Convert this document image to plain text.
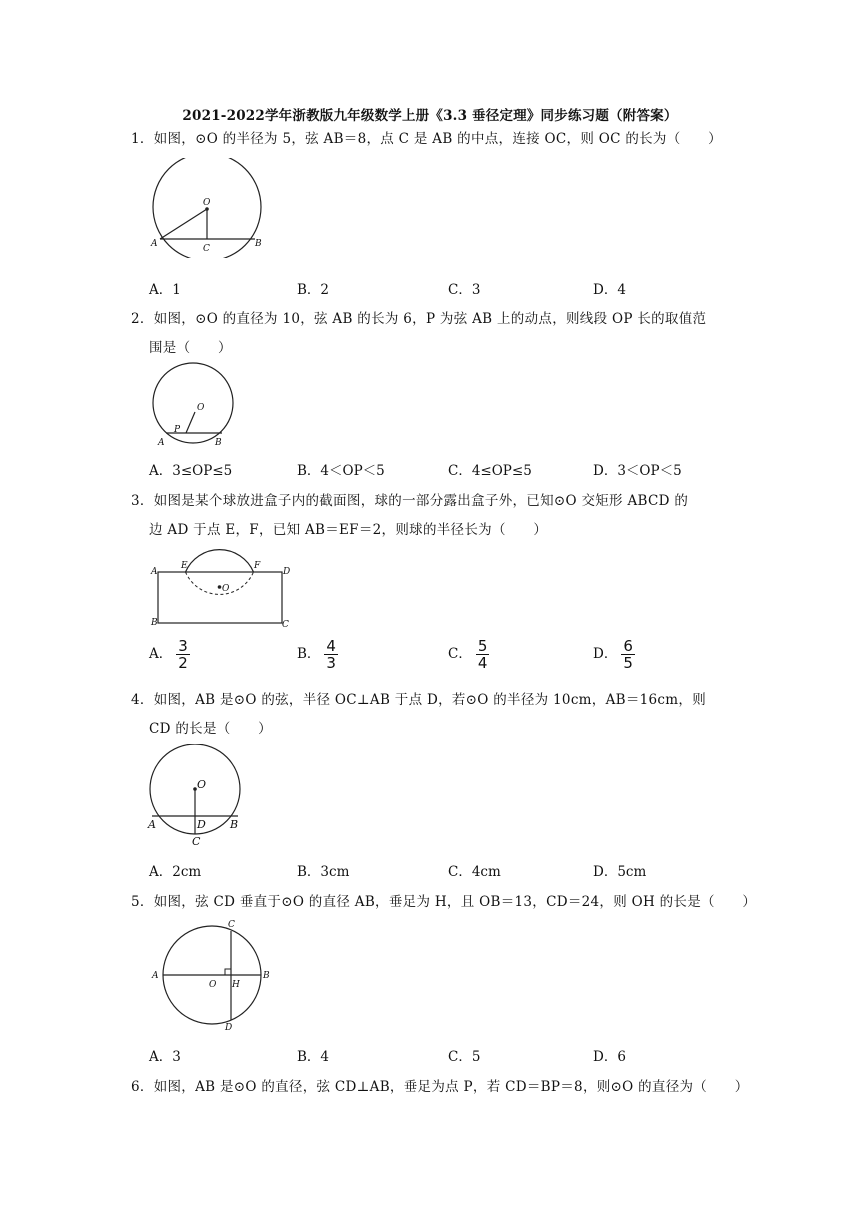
2021-2022学年浙教版九年级数学上册《3.3 垂径定理》同步练习题（附答案）
1．如图，⊙O 的半径为 5，弦 AB＝8，点 C 是 AB 的中点，连接 OC，则 OC 的长为（　　）
O
A	C	B
A．1	B．2	C．3	D．4
2．如图，⊙O 的直径为 10，弦 AB 的长为 6，P 为弦 AB 上的动点，则线段 OP 长的取值范
围是（　　）
O
P
A	B
A．3≤OP≤5	B．4＜OP＜5	C．4≤OP≤5	D．3＜OP＜5
3．如图是某个球放进盒子内的截面图，球的一部分露出盒子外，已知⊙O 交矩形 ABCD 的
边 AD 于点 E，F，已知 AB＝EF＝2，则球的半径长为（　　）
A
E	F
D
O
B	C
A． $\frac{3}{2}$	B． $\frac{4}{3}$	C． $\frac{5}{4}$	D． $\frac{6}{5}$
4．如图，AB 是⊙O 的弦，半径 OC⊥AB 于点 D，若⊙O 的半径为 10cm，AB＝16cm，则
CD 的长是（　　）
O
A	D B
C
A．2cm	B．3cm	C．4cm	D．5cm
5．如图，弦 CD 垂直于⊙O 的直径 AB，垂足为 H，且 OB＝13，CD＝24，则 OH 的长是（　　）
C
A
O H
B
D
A．3	B．4	C．5	D．6
6．如图，AB 是⊙O 的直径，弦 CD⊥AB，垂足为点 P，若 CD＝BP＝8，则⊙O 的直径为（　　）
